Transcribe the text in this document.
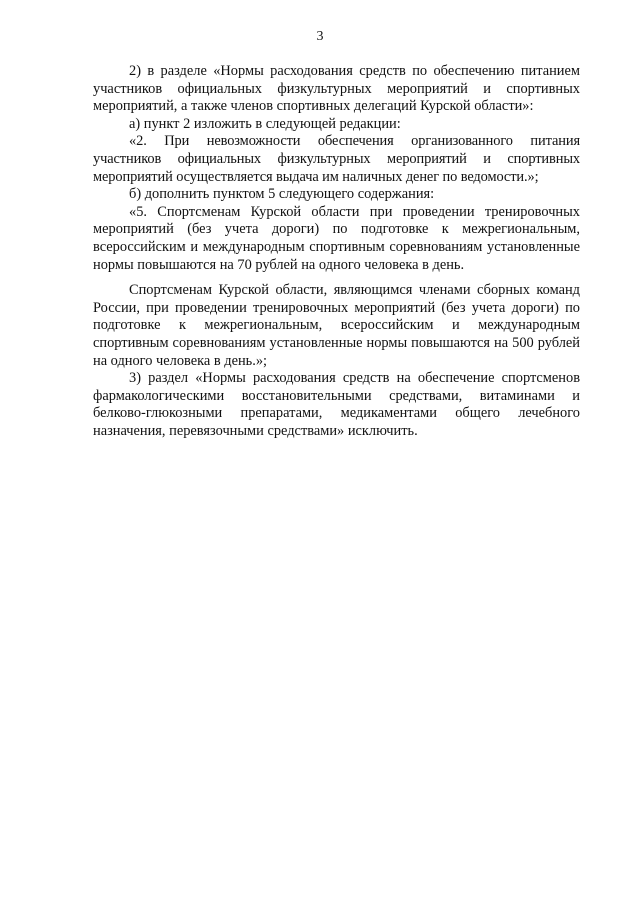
3

2) в разделе «Нормы расходования средств по обеспечению питанием участников официальных физкультурных мероприятий и спортивных мероприятий, а также членов спортивных делегаций Курской области»:

а) пункт 2 изложить в следующей редакции:

«2. При невозможности обеспечения организованного питания участников официальных физкультурных мероприятий и спортивных мероприятий осуществляется выдача им наличных денег по ведомости.»;

б) дополнить пунктом 5 следующего содержания:

«5. Спортсменам Курской области при проведении тренировочных мероприятий (без учета дороги) по подготовке к межрегиональным, всероссийским и международным спортивным соревнованиям установленные нормы повышаются на 70 рублей на одного человека в день.

Спортсменам Курской области, являющимся членами сборных команд России, при проведении тренировочных мероприятий (без учета дороги) по подготовке к межрегиональным, всероссийским и международным спортивным соревнованиям установленные нормы повышаются на 500 рублей на одного человека в день.»;

3) раздел «Нормы расходования средств на обеспечение спортсменов фармакологическими восстановительными средствами, витаминами и белково-глюкозными препаратами, медикаментами общего лечебного назначения, перевязочными средствами» исключить.
